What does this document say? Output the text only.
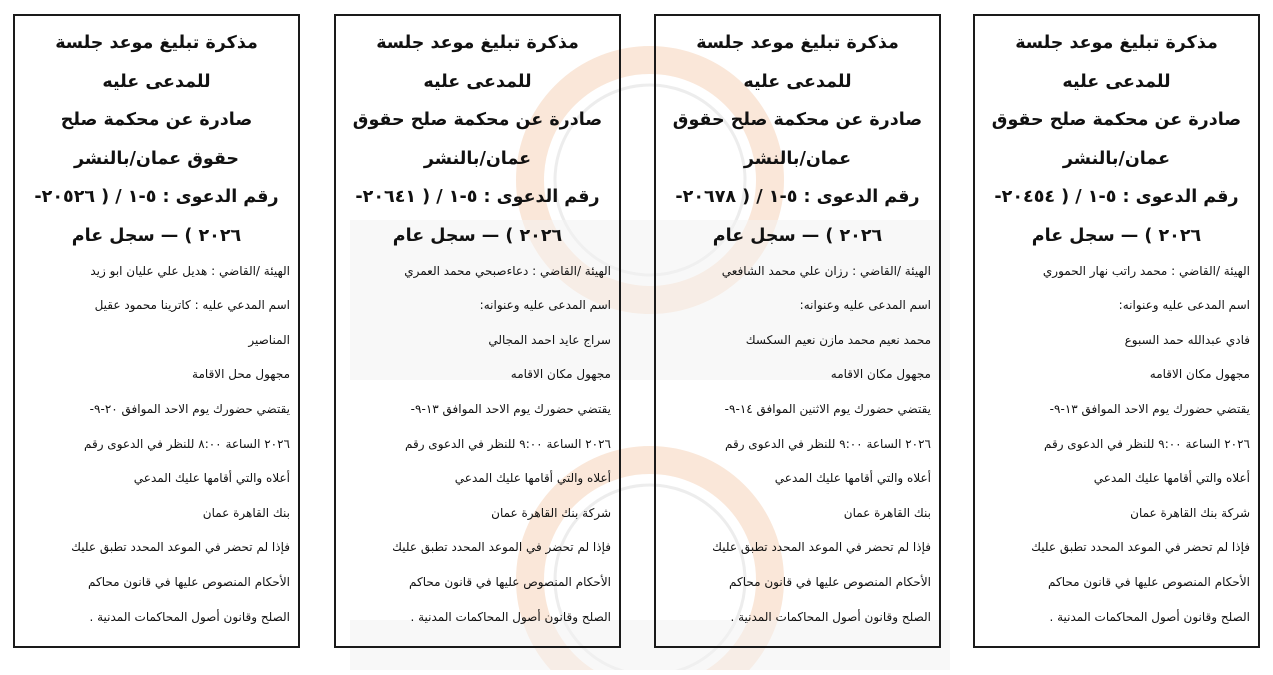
مذكرة تبليغ موعد جلسة
للمدعى عليه
صادرة عن محكمة صلح حقوق
عمان/بالنشر
رقم الدعوى : ٥-١ / ( ٢٠٤٥٤-
٢٠٢٦ ) — سجل عام
الهيئة /القاضي : محمد راتب نهار الحموري
اسم المدعى عليه وعنوانه:
فادي عبدالله حمد السبوع
مجهول مكان الاقامه
يقتضي حضورك يوم الاحد الموافق ١٣-٩-
٢٠٢٦ الساعة ٩:٠٠ للنظر في الدعوى رقم
أعلاه والتي أقامها عليك المدعي
شركة بنك القاهرة عمان
فإذا لم تحضر في الموعد المحدد تطبق عليك
الأحكام المنصوص عليها في قانون محاكم
الصلح وقانون أصول المحاكمات المدنية .
مذكرة تبليغ موعد جلسة
للمدعى عليه
صادرة عن محكمة صلح حقوق
عمان/بالنشر
رقم الدعوى : ٥-١ / ( ٢٠٦٧٨-
٢٠٢٦ ) — سجل عام
الهيئة /القاضي : رزان علي محمد الشافعي
اسم المدعى عليه وعنوانه:
محمد نعيم محمد مازن نعيم السكسك
مجهول مكان الاقامه
يقتضي حضورك يوم الاثنين الموافق ١٤-٩-
٢٠٢٦ الساعة ٩:٠٠ للنظر في الدعوى رقم
أعلاه والتي أقامها عليك المدعي
بنك القاهرة عمان
فإذا لم تحضر في الموعد المحدد تطبق عليك
الأحكام المنصوص عليها في قانون محاكم
الصلح وقانون أصول المحاكمات المدنية .
مذكرة تبليغ موعد جلسة
للمدعى عليه
صادرة عن محكمة صلح حقوق
عمان/بالنشر
رقم الدعوى : ٥-١ / ( ٢٠٦٤١-
٢٠٢٦ ) — سجل عام
الهيئة /القاضي : دعاءصبحي محمد العمري
اسم المدعى عليه وعنوانه:
سراج عايد احمد المجالي
مجهول مكان الاقامه
يقتضي حضورك يوم الاحد الموافق ١٣-٩-
٢٠٢٦ الساعة ٩:٠٠ للنظر في الدعوى رقم
أعلاه والتي أقامها عليك المدعي
شركة بنك القاهرة عمان
فإذا لم تحضر في الموعد المحدد تطبق عليك
الأحكام المنصوص عليها في قانون محاكم
الصلح وقانون أصول المحاكمات المدنية .
مذكرة تبليغ موعد جلسة
للمدعى عليه
صادرة عن محكمة صلح
حقوق عمان/بالنشر
رقم الدعوى : ٥-١ / ( ٢٠٥٢٦-
٢٠٢٦ ) — سجل عام
الهيئة /القاضي : هديل علي عليان ابو زيد
اسم المدعي عليه : كاترينا محمود عقيل
المناصير
مجهول محل الاقامة
يقتضي حضورك يوم الاحد الموافق ٢٠-٩-
٢٠٢٦ الساعة ٨:٠٠ للنظر في الدعوى رقم
أعلاه والتي أقامها عليك المدعي
بنك القاهرة عمان
فإذا لم تحضر في الموعد المحدد تطبق عليك
الأحكام المنصوص عليها في قانون محاكم
الصلح وقانون أصول المحاكمات المدنية .
